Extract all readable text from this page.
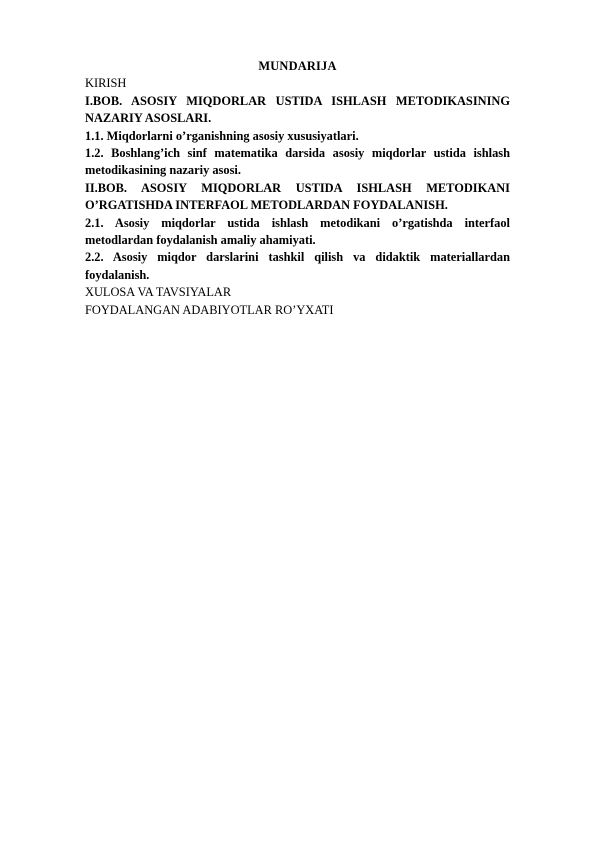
MUNDARIJA
KIRISH
I.BOB. ASOSIY MIQDORLAR USTIDA ISHLASH METODIKASINING NAZARIY ASOSLARI.
1.1. Miqdorlarni o’rganishning asosiy xususiyatlari.
1.2. Boshlang’ich sinf matematika darsida asosiy miqdorlar ustida ishlash metodikasining nazariy asosi.
II.BOB. ASOSIY MIQDORLAR USTIDA ISHLASH METODIKANI O’RGATISHDA INTERFAOL METODLARDAN FOYDALANISH.
2.1. Asosiy miqdorlar ustida ishlash metodikani o’rgatishda interfaol metodlardan foydalanish amaliy ahamiyati.
2.2. Asosiy miqdor darslarini tashkil qilish va didaktik materiallardan foydalanish.
XULOSA VA TAVSIYALAR
FOYDALANGAN ADABIYOTLAR RO’YXATI
